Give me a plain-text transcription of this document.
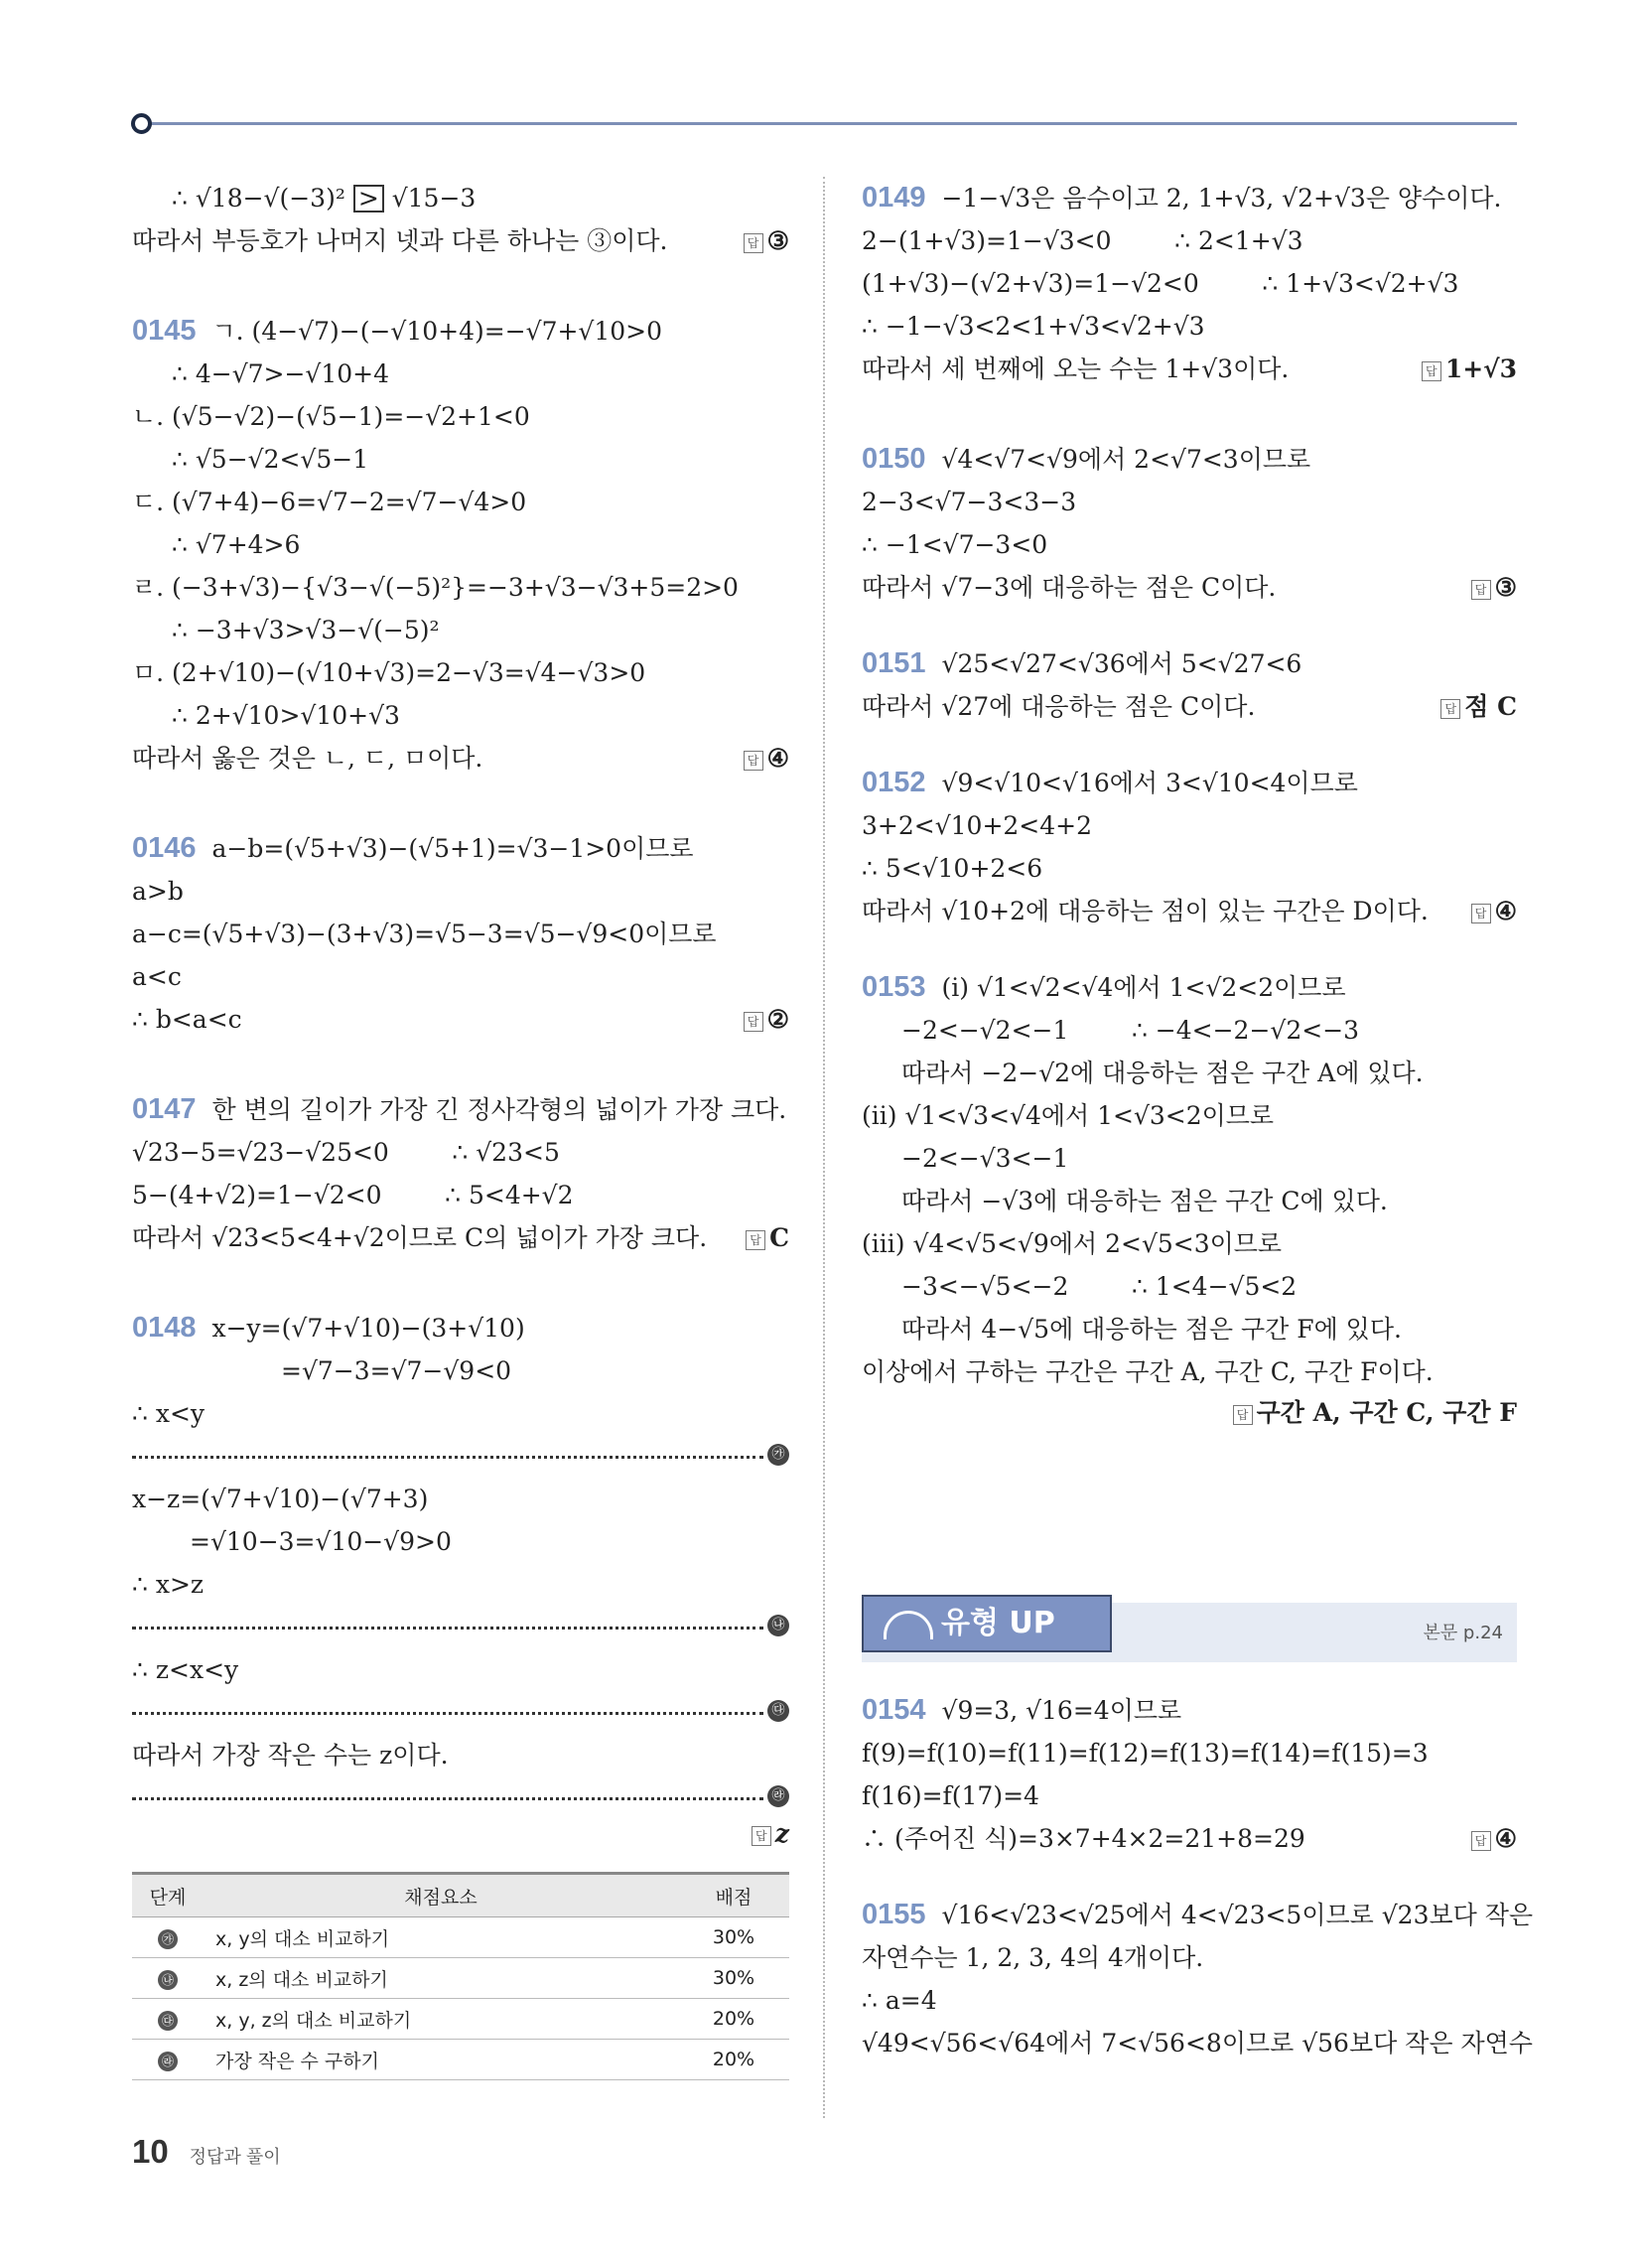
∴ √18−√(−3)² > √15−3
따라서 부등호가 나머지 넷과 다른 하나는 ③이다.	답 ③
0145 ㄱ. (4−√7)−(−√10+4)=−√7+√10>0
∴ 4−√7>−√10+4
ㄴ. (√5−√2)−(√5−1)=−√2+1<0
∴ √5−√2<√5−1
ㄷ. (√7+4)−6=√7−2=√7−√4>0
∴ √7+4>6
ㄹ. (−3+√3)−{√3−√(−5)²}=−3+√3−√3+5=2>0
∴ −3+√3>√3−√(−5)²
ㅁ. (2+√10)−(√10+√3)=2−√3=√4−√3>0
∴ 2+√10>√10+√3
따라서 옳은 것은 ㄴ, ㄷ, ㅁ이다.	답 ④
0146 a−b=(√5+√3)−(√5+1)=√3−1>0이므로
a>b
a−c=(√5+√3)−(3+√3)=√5−3=√5−√9<0이므로
a<c
∴ b<a<c	답 ②
0147 한 변의 길이가 가장 긴 정사각형의 넓이가 가장 크다.
√23−5=√23−√25<0        ∴ √23<5
5−(4+√2)=1−√2<0        ∴ 5<4+√2
따라서 √23<5<4+√2이므로 C의 넓이가 가장 크다.	답 C
0148 x−y=(√7+√10)−(3+√10)
=√7−3=√7−√9<0
∴ x<y
㉮
x−z=(√7+√10)−(√7+3)
=√10−3=√10−√9>0
∴ x>z
㉯
∴ z<x<y
㉰
따라서 가장 작은 수는 z이다.
㉱
답 z
단계	채점요소	배점
㉮	x, y의 대소 비교하기	30%
㉯	x, z의 대소 비교하기	30%
㉰	x, y, z의 대소 비교하기	20%
㉱	가장 작은 수 구하기	20%
0149 −1−√3은 음수이고 2, 1+√3, √2+√3은 양수이다.
2−(1+√3)=1−√3<0        ∴ 2<1+√3
(1+√3)−(√2+√3)=1−√2<0        ∴ 1+√3<√2+√3
∴ −1−√3<2<1+√3<√2+√3
따라서 세 번째에 오는 수는 1+√3이다.	답 1+√3
0150 √4<√7<√9에서 2<√7<3이므로
2−3<√7−3<3−3
∴ −1<√7−3<0
따라서 √7−3에 대응하는 점은 C이다.	답 ③
0151 √25<√27<√36에서 5<√27<6
따라서 √27에 대응하는 점은 C이다.	답 점 C
0152 √9<√10<√16에서 3<√10<4이므로
3+2<√10+2<4+2
∴ 5<√10+2<6
따라서 √10+2에 대응하는 점이 있는 구간은 D이다.	답 ④
0153 (i) √1<√2<√4에서 1<√2<2이므로
−2<−√2<−1        ∴ −4<−2−√2<−3
따라서 −2−√2에 대응하는 점은 구간 A에 있다.
(ii) √1<√3<√4에서 1<√3<2이므로
−2<−√3<−1
따라서 −√3에 대응하는 점은 구간 C에 있다.
(iii) √4<√5<√9에서 2<√5<3이므로
−3<−√5<−2        ∴ 1<4−√5<2
따라서 4−√5에 대응하는 점은 구간 F에 있다.
이상에서 구하는 구간은 구간 A, 구간 C, 구간 F이다.
답 구간 A, 구간 C, 구간 F
유형 UP	본문 p.24
0154 √9=3, √16=4이므로
f(9)=f(10)=f(11)=f(12)=f(13)=f(14)=f(15)=3
f(16)=f(17)=4
∴ (주어진 식)=3×7+4×2=21+8=29	답 ④
0155 √16<√23<√25에서 4<√23<5이므로 √23보다 작은
자연수는 1, 2, 3, 4의 4개이다.
∴ a=4
√49<√56<√64에서 7<√56<8이므로 √56보다 작은 자연수
10 정답과 풀이
